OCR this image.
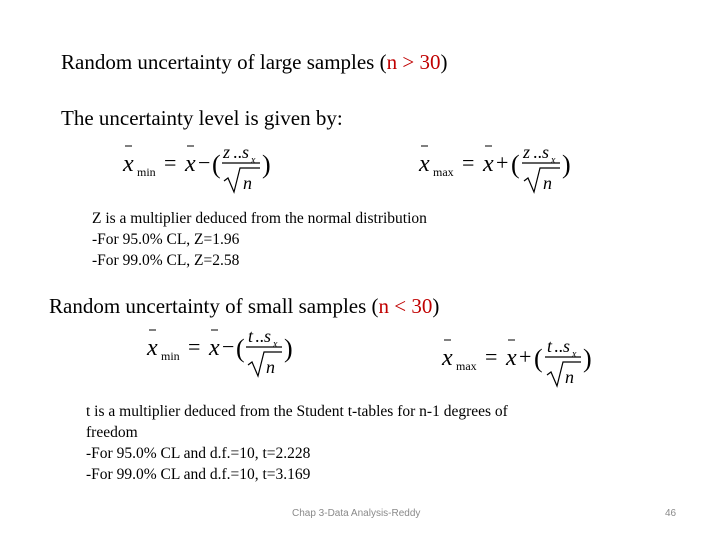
Random uncertainty of large samples (n > 30)
The uncertainty level is given by:
x min = x − ( z .. s x
n
)	x max = x + ( z .. s x
n
)
Z is a multiplier deduced from the normal distribution
-For 95.0% CL, Z=1.96
-For 99.0% CL, Z=2.58
Random uncertainty of small samples (n < 30)
x min = x − ( t .. s x
n
)	x max = x + ( t .. s x
n
)
t is a multiplier deduced from the Student t-tables for n-1 degrees of
freedom
-For 95.0% CL and d.f.=10, t=2.228
-For 99.0% CL and d.f.=10, t=3.169
Chap 3-Data Analysis-Reddy	46
